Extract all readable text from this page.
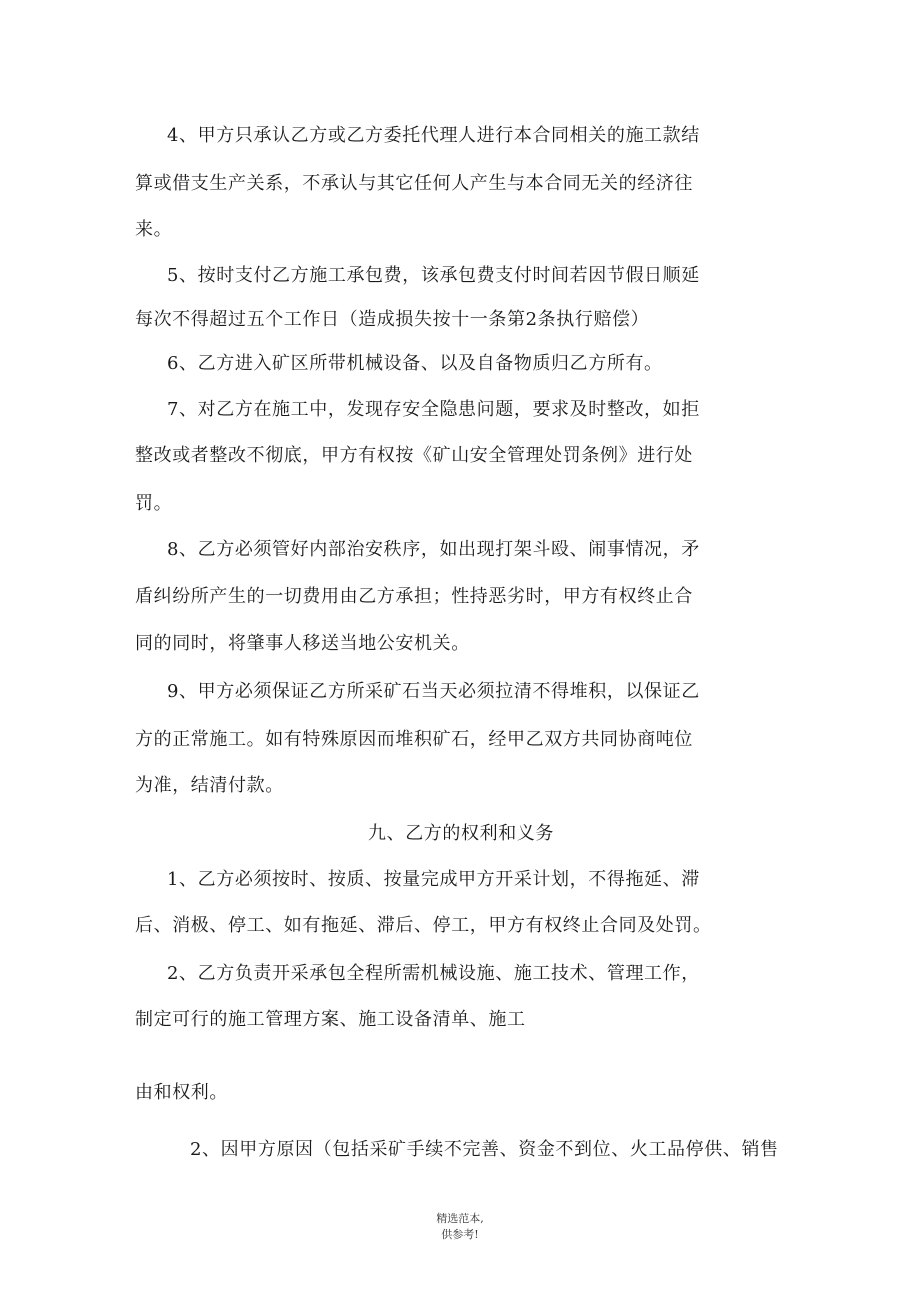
4、甲方只承认乙方或乙方委托代理人进行本合同相关的施工款结
算或借支生产关系，不承认与其它任何人产生与本合同无关的经济往
来。
5、按时支付乙方施工承包费，该承包费支付时间若因节假日顺延
每次不得超过五个工作日（造成损失按十一条第2条执行赔偿）
6、乙方进入矿区所带机械设备、以及自备物质归乙方所有。
7、对乙方在施工中，发现存安全隐患问题，要求及时整改，如拒
整改或者整改不彻底，甲方有权按《矿山安全管理处罚条例》进行处
罚。
8、乙方必须管好内部治安秩序，如出现打架斗殴、闹事情况，矛
盾纠纷所产生的一切费用由乙方承担；性持恶劣时，甲方有权终止合
同的同时，将肇事人移送当地公安机关。
9、甲方必须保证乙方所采矿石当天必须拉清不得堆积，以保证乙
方的正常施工。如有特殊原因而堆积矿石，经甲乙双方共同协商吨位
为准，结清付款。
九、乙方的权利和义务
1、乙方必须按时、按质、按量完成甲方开采计划，不得拖延、滞
后、消极、停工、如有拖延、滞后、停工，甲方有权终止合同及处罚。
2、乙方负责开采承包全程所需机械设施、施工技术、管理工作，
制定可行的施工管理方案、施工设备清单、施工
由和权利。
2、因甲方原因（包括采矿手续不完善、资金不到位、火工品停供、销售
精选范本,
供参考!
